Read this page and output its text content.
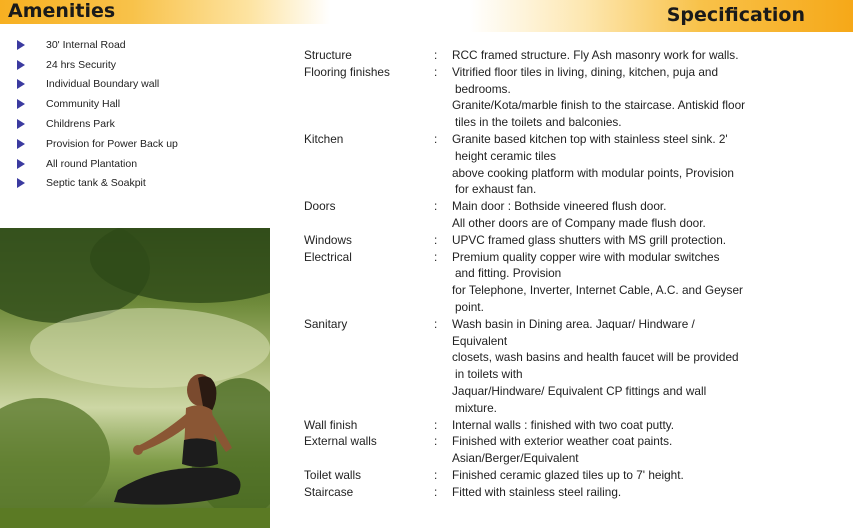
Amenities	Specification
30' Internal Road
24 hrs Security
Individual Boundary wall
Community Hall
Childrens Park
Provision for Power Back up
All round Plantation
Septic tank & Soakpit
Structure	:	RCC framed structure. Fly Ash masonry work for walls.
Flooring finishes	:	Vitrified floor tiles in living, dining, kitchen, puja and
bedrooms.
Granite/Kota/marble finish to the staircase. Antiskid floor
tiles in the toilets and balconies.
Kitchen	:	Granite based kitchen top with stainless steel sink. 2'
height ceramic tiles
above cooking platform with modular points, Provision
for exhaust fan.
Doors	:	Main door : Bothside vineered flush door.
All other doors are of Company made flush door.
Windows	:	UPVC framed glass shutters with MS grill protection.
Electrical	:	Premium quality copper wire with modular switches
and fitting. Provision
for Telephone, Inverter, Internet Cable, A.C. and Geyser
point.
Sanitary	:	Wash basin in Dining area. Jaquar/ Hindware /
Equivalent
closets, wash basins and health faucet will be provided
in toilets with
Jaquar/Hindware/ Equivalent CP fittings and wall
mixture.
Wall finish	:	Internal walls : finished with two coat putty.
External walls	:	Finished with exterior weather coat paints.
Asian/Berger/Equivalent
Toilet walls	:	Finished ceramic glazed tiles up to 7' height.
Staircase	:	Fitted with stainless steel railing.
